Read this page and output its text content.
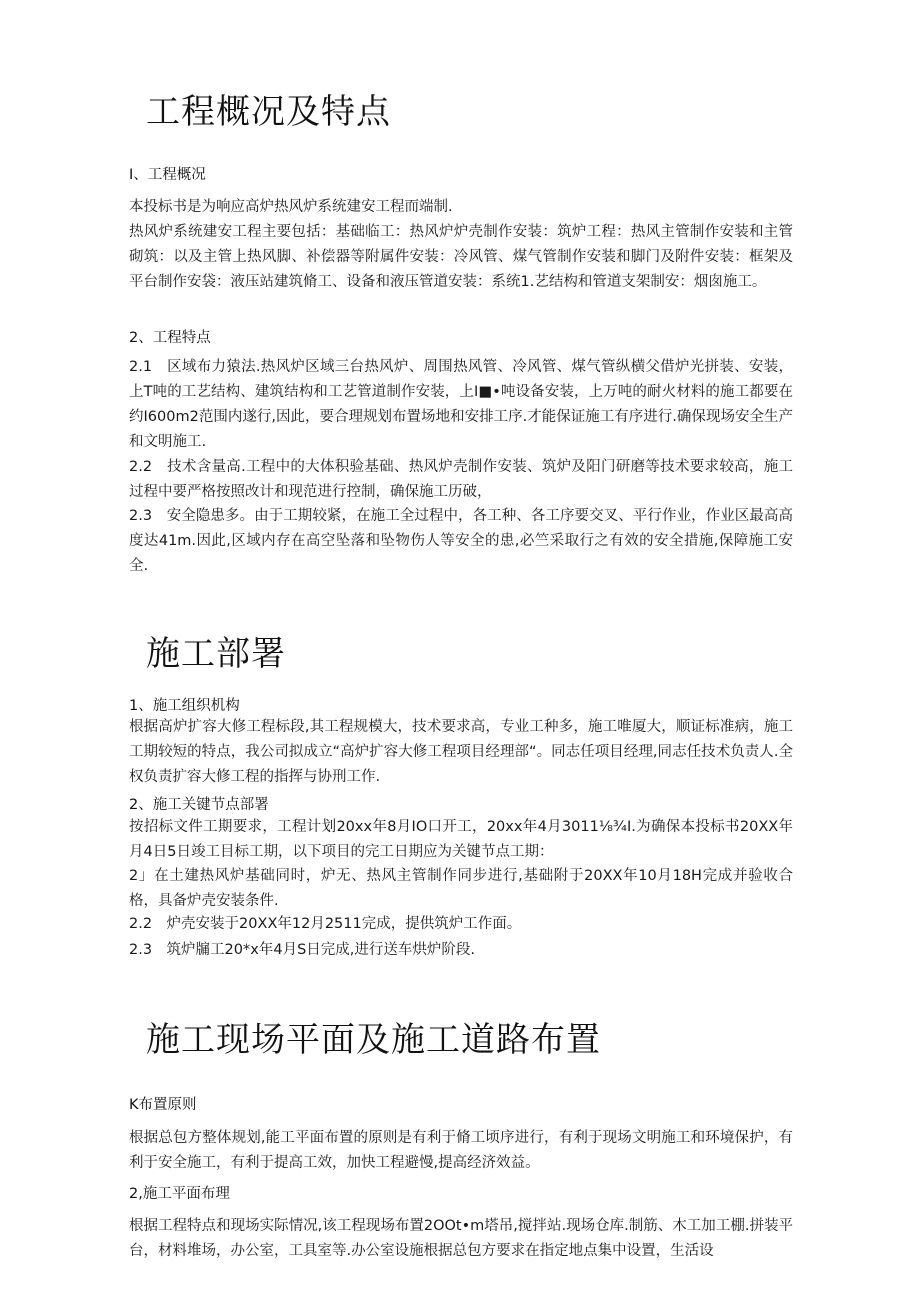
工程概况及特点
I、工程概况
本投标书是为响应高炉热风炉系统建安工程而端制.
热风炉系统建安工程主要包括：基础临工：热风炉炉壳制作安装：筑炉工程：热风主管制作安装和主管砌筑：以及主管上热风脚、补偿器等附属件安装：冷风管、煤气管制作安装和脚门及附件安装：框架及平台制作安袋：液压站建筑脩工、设备和液压管道安装：系统1.艺结构和管道支架制安：烟囱施工。
2、工程特点
2.1　区域布力猿法.热风炉区域三台热风炉、周围热风管、冷风管、煤气管纵横父借炉光拼装、安装，上T吨的工艺结构、建筑结构和工艺管道制作安装，上I■•吨设备安装，上万吨的耐火材料的施工都要在约I600m2范围内遂行,因此，要合理规划布置场地和安排工序.才能保证施工有序进行.确保现场安全生产和文明施工.
2.2　技术含量高.工程中的大体积验基础、热风炉壳制作安装、筑炉及阳门研磨等技术要求较高，施工过程中要严格按照改计和现范进行控制，确保施工历破，
2.3　安全隐患多。由于工期较紧，在施工全过程中，各工种、各工序要交叉、平行作业，作业区最高高度达41m.因此,区域内存在高空坠落和坠物伤人等安全的患,必竺采取行之有效的安全措施,保障施工安全.
施工部署
1、施工组织机构
根据高炉扩容大修工程标段,其工程规模大，技术要求高，专业工种多，施工唯厦大，顺证标准病，施工工期较短的特点，我公司拟成立“高炉扩容大修工程项目经理部“。同志任项目经理,同志任技术负责人.全权负责扩容大修工程的指挥与协刑工作.
2、施工关键节点部署
按招标文件工期要求，工程计划20xx年8月IO口开工，20xx年4月3011⅛¾I.为确保本投标书20XX年月4日5日竣工目标工期，以下项目的完工日期应为关键节点工期：
2」在土建热风炉基础同时，炉无、热风主管制作同步进行,基础附于20XX年10月18H完成并验收合格，具备炉壳安装条件.
2.2　炉壳安装于20XX年12月2511完成，提供筑炉工作面。
2.3　筑炉牖工20*x年4月S日完成,进行送车烘炉阶段.
施工现场平面及施工道路布置
K布置原则
根据总包方整体规划,能工平面布置的原则是有利于脩工顷序进行，有利于现场文明施工和环境保护，有利于安全施工，有利于提高工效，加快工程避慢,提高经济效益。
2,施工平面布理
根据工程特点和现场实际情况,该工程现场布置2OOt•m塔吊,搅拌站.现场仓库.制筋、木工加工棚.拼装平台，材料堆场，办公室，工具室等.办公室设施根据总包方要求在指定地点集中设置，生活设
